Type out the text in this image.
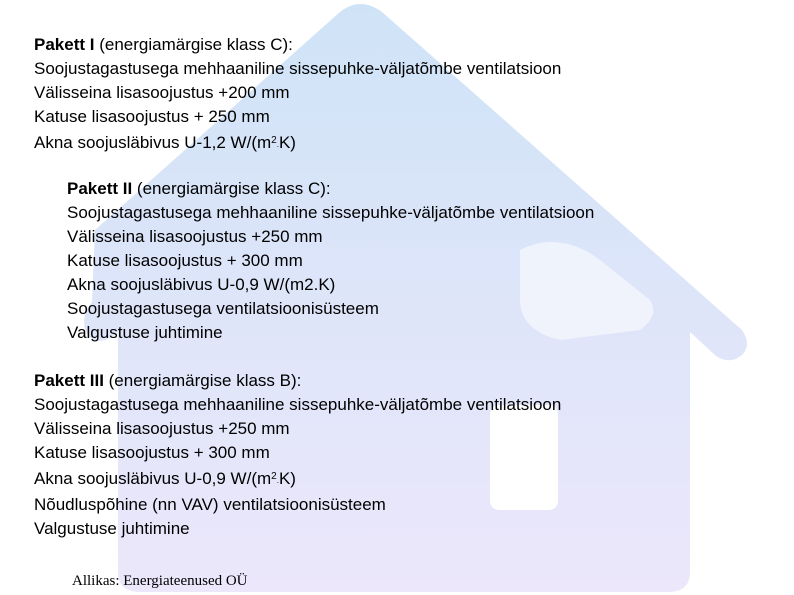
Pakett I (energiamärgise klass C):
Soojustagastusega mehhaaniline sissepuhke-väljatõmbe ventilatsioon
Välisseina lisasoojustus +200 mm
Katuse lisasoojustus + 250 mm
Akna soojusläbivus U-1,2 $W/(m^2.K)$
Pakett II (energiamärgise klass C):
Soojustagastusega mehhaaniline sissepuhke-väljatõmbe ventilatsioon
Välisseina lisasoojustus +250 mm
Katuse lisasoojustus + 300 mm
Akna soojusläbivus U-0,9 W/(m2.K)
Soojustagastusega ventilatsioonisüsteem
Valgustuse juhtimine
Pakett III (energiamärgise klass B):
Soojustagastusega mehhaaniline sissepuhke-väljatõmbe ventilatsioon
Välisseina lisasoojustus +250 mm
Katuse lisasoojustus + 300 mm
Akna soojusläbivus U-0,9 $W/(m^2.K)$
Nõudluspõhine (nn VAV) ventilatsioonisüsteem
Valgustuse juhtimine
Allikas: Energiateenused OÜ
